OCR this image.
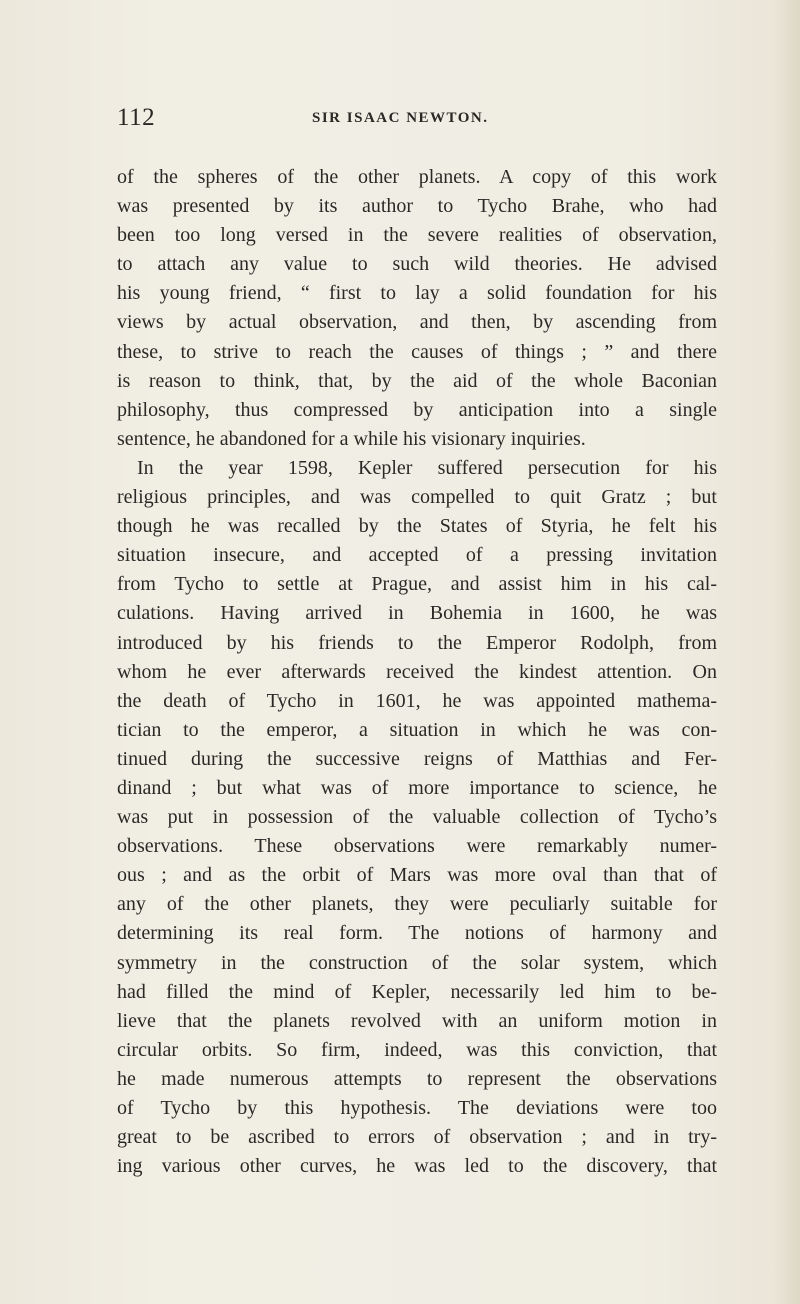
112	SIR ISAAC NEWTON.
of the spheres of the other planets. A copy of this work
was presented by its author to Tycho Brahe, who had
been too long versed in the severe realities of observation,
to attach any value to such wild theories. He advised
his young friend, “ first to lay a solid foundation for his
views by actual observation, and then, by ascending from
these, to strive to reach the causes of things ; ” and there
is reason to think, that, by the aid of the whole Baconian
philosophy, thus compressed by anticipation into a single
sentence, he abandoned for a while his visionary inquiries.
In the year 1598, Kepler suffered persecution for his
religious principles, and was compelled to quit Gratz ; but
though he was recalled by the States of Styria, he felt his
situation insecure, and accepted of a pressing invitation
from Tycho to settle at Prague, and assist him in his cal-
culations. Having arrived in Bohemia in 1600, he was
introduced by his friends to the Emperor Rodolph, from
whom he ever afterwards received the kindest attention. On
the death of Tycho in 1601, he was appointed mathema-
tician to the emperor, a situation in which he was con-
tinued during the successive reigns of Matthias and Fer-
dinand ; but what was of more importance to science, he
was put in possession of the valuable collection of Tycho’s
observations. These observations were remarkably numer-
ous ; and as the orbit of Mars was more oval than that of
any of the other planets, they were peculiarly suitable for
determining its real form. The notions of harmony and
symmetry in the construction of the solar system, which
had filled the mind of Kepler, necessarily led him to be-
lieve that the planets revolved with an uniform motion in
circular orbits. So firm, indeed, was this conviction, that
he made numerous attempts to represent the observations
of Tycho by this hypothesis. The deviations were too
great to be ascribed to errors of observation ; and in try-
ing various other curves, he was led to the discovery, that
